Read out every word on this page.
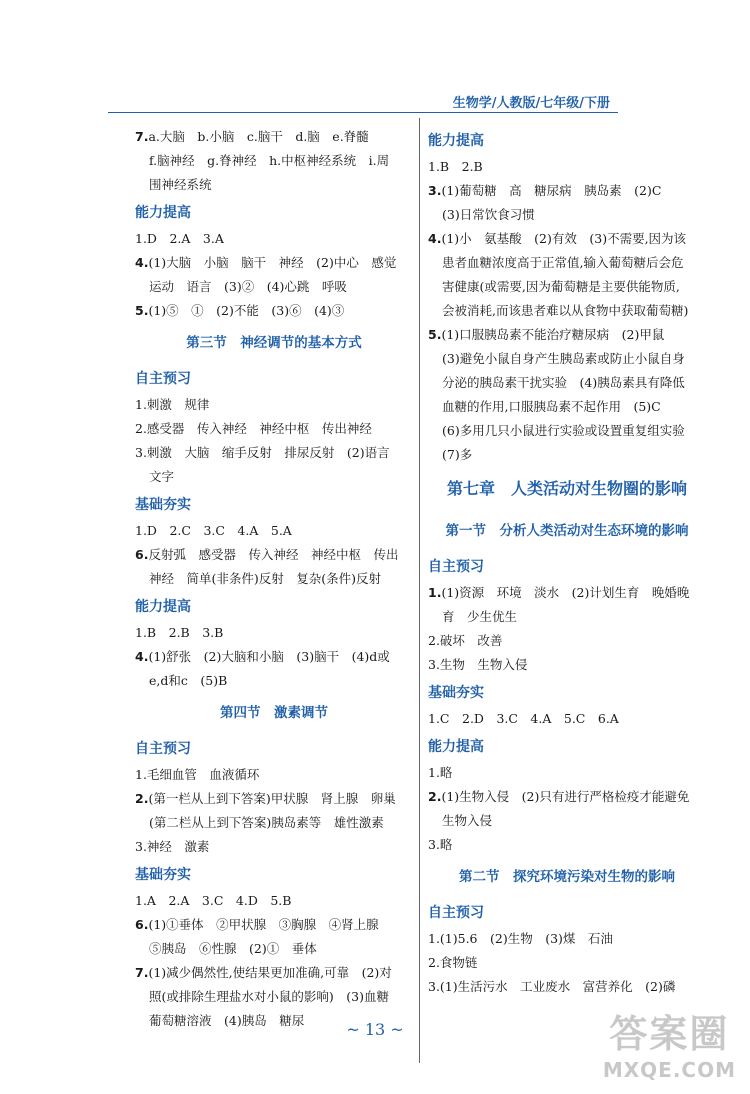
生物学/人教版/七年级/下册
7.a.大脑　b.小脑　c.脑干　d.脑　e.脊髓
f.脑神经　g.脊神经　h.中枢神经系统　i.周
围神经系统
能力提高
1.D　2.A　3.A
4.(1)大脑　小脑　脑干　神经　(2)中心　感觉
运动　语言　(3)②　(4)心跳　呼吸
5.(1)⑤　①　(2)不能　(3)⑥　(4)③
第三节　神经调节的基本方式
自主预习
1.刺激　规律
2.感受器　传入神经　神经中枢　传出神经
3.刺激　大脑　缩手反射　排尿反射　(2)语言
文字
基础夯实
1.D　2.C　3.C　4.A　5.A
6.反射弧　感受器　传入神经　神经中枢　传出
神经　简单(非条件)反射　复杂(条件)反射
能力提高
1.B　2.B　3.B
4.(1)舒张　(2)大脑和小脑　(3)脑干　(4)d或
e,d和c　(5)B
第四节　激素调节
自主预习
1.毛细血管　血液循环
2.(第一栏从上到下答案)甲状腺　肾上腺　卵巢
(第二栏从上到下答案)胰岛素等　雄性激素
3.神经　激素
基础夯实
1.A　2.A　3.C　4.D　5.B
6.(1)①垂体　②甲状腺　③胸腺　④肾上腺
⑤胰岛　⑥性腺　(2)①　垂体
7.(1)减少偶然性,使结果更加准确,可靠　(2)对
照(或排除生理盐水对小鼠的影响)　(3)血糖
葡萄糖溶液　(4)胰岛　糖尿
能力提高
1.B　2.B
3.(1)葡萄糖　高　糖尿病　胰岛素　(2)C
(3)日常饮食习惯
4.(1)小　氨基酸　(2)有效　(3)不需要,因为该
患者血糖浓度高于正常值,输入葡萄糖后会危
害健康(或需要,因为葡萄糖是主要供能物质,
会被消耗,而该患者难以从食物中获取葡萄糖)
5.(1)口服胰岛素不能治疗糖尿病　(2)甲鼠
(3)避免小鼠自身产生胰岛素或防止小鼠自身
分泌的胰岛素干扰实验　(4)胰岛素具有降低
血糖的作用,口服胰岛素不起作用　(5)C
(6)多用几只小鼠进行实验或设置重复组实验
(7)多
第七章　人类活动对生物圈的影响
第一节　分析人类活动对生态环境的影响
自主预习
1.(1)资源　环境　淡水　(2)计划生育　晚婚晚
育　少生优生
2.破坏　改善
3.生物　生物入侵
基础夯实
1.C　2.D　3.C　4.A　5.C　6.A
能力提高
1.略
2.(1)生物入侵　(2)只有进行严格检疫才能避免
生物入侵
3.略
第二节　探究环境污染对生物的影响
自主预习
1.(1)5.6　(2)生物　(3)煤　石油
2.食物链
3.(1)生活污水　工业废水　富营养化　(2)磷
~ 13 ~	答案圈
MXQE.COM
